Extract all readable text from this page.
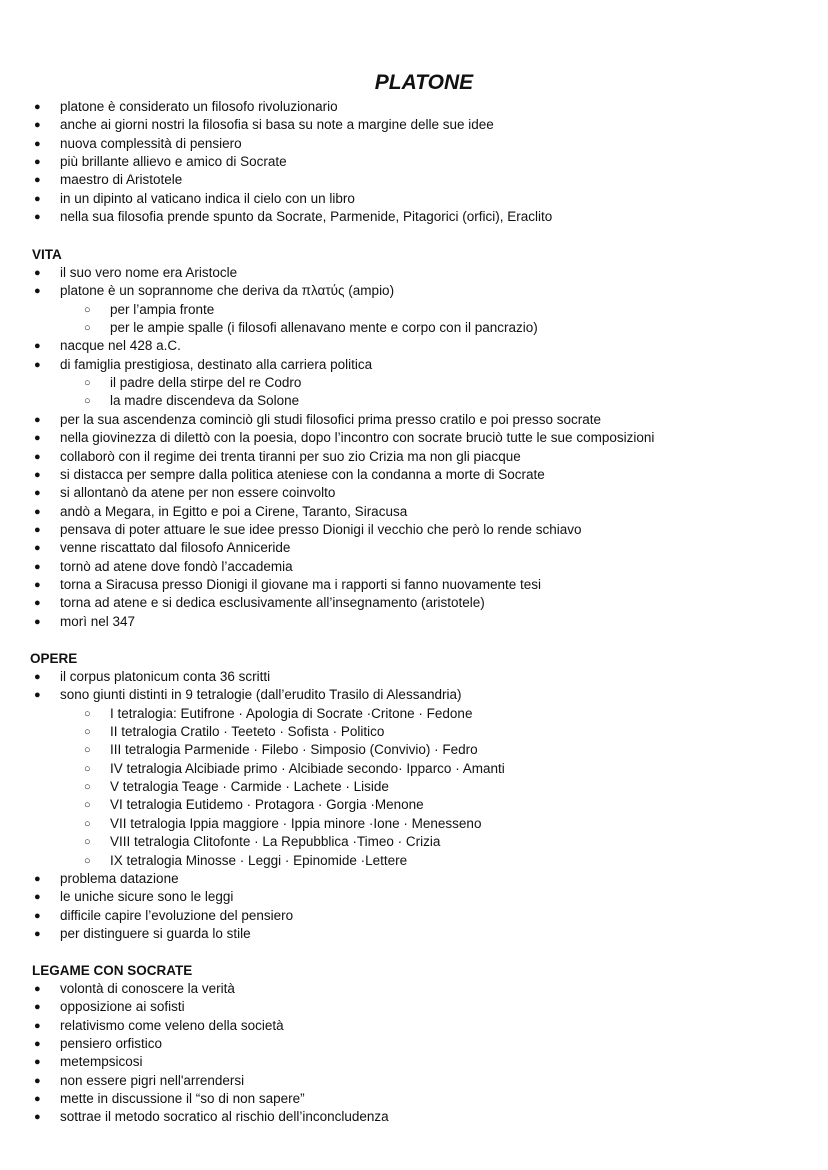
PLATONE
● platone è considerato un filosofo rivoluzionario
● anche ai giorni nostri la filosofia si basa su note a margine delle sue idee
● nuova complessità di pensiero
● più brillante allievo e amico di Socrate
● maestro di Aristotele
● in un dipinto al vaticano indica il cielo con un libro
● nella sua filosofia prende spunto da Socrate, Parmenide, Pitagorici (orfici), Eraclito
VITA
● il suo vero nome era Aristocle
● platone è un soprannome che deriva da πλατύς (ampio)
○ per l’ampia fronte
○ per le ampie spalle (i filosofi allenavano mente e corpo con il pancrazio)
● nacque nel 428 a.C.
● di famiglia prestigiosa, destinato alla carriera politica
○ il padre della stirpe del re Codro
○ la madre discendeva da Solone
● per la sua ascendenza cominciò gli studi filosofici prima presso cratilo e poi presso socrate
● nella giovinezza di dilettò con la poesia, dopo l’incontro con socrate bruciò tutte le sue composizioni
● collaborò con il regime dei trenta tiranni per suo zio Crizia ma non gli piacque
● si distacca per sempre dalla politica ateniese con la condanna a morte di Socrate
● si allontanò da atene per non essere coinvolto
● andò a Megara, in Egitto e poi a Cirene, Taranto, Siracusa
● pensava di poter attuare le sue idee presso Dionigi il vecchio che però lo rende schiavo
● venne riscattato dal filosofo Anniceride
● tornò ad atene dove fondò l’accademia
● torna a Siracusa presso Dionigi il giovane ma i rapporti si fanno nuovamente tesi
● torna ad atene e si dedica esclusivamente all’insegnamento (aristotele)
● morì nel 347
OPERE
● il corpus platonicum conta 36 scritti
● sono giunti distinti in 9 tetralogie (dall’erudito Trasilo di Alessandria)
○ I tetralogia: Eutifrone · Apologia di Socrate ·Critone · Fedone
○ II tetralogia Cratilo · Teeteto · Sofista · Politico
○ III tetralogia Parmenide · Filebo · Simposio (Convivio) · Fedro
○ IV tetralogia Alcibiade primo · Alcibiade secondo· Ipparco · Amanti
○ V tetralogia Teage · Carmide · Lachete · Liside
○ VI tetralogia Eutidemo · Protagora · Gorgia ·Menone
○ VII tetralogia Ippia maggiore · Ippia minore ·Ione · Menesseno
○ VIII tetralogia Clitofonte · La Repubblica ·Timeo · Crizia
○ IX tetralogia Minosse · Leggi · Epinomide ·Lettere
● problema datazione
● le uniche sicure sono le leggi
● difficile capire l’evoluzione del pensiero
● per distinguere si guarda lo stile
LEGAME CON SOCRATE
● volontà di conoscere la verità
● opposizione ai sofisti
● relativismo come veleno della società
● pensiero orfistico
● metempsicosi
● non essere pigri nell'arrendersi
● mette in discussione il “so di non sapere”
● sottrae il metodo socratico al rischio dell’inconcludenza
